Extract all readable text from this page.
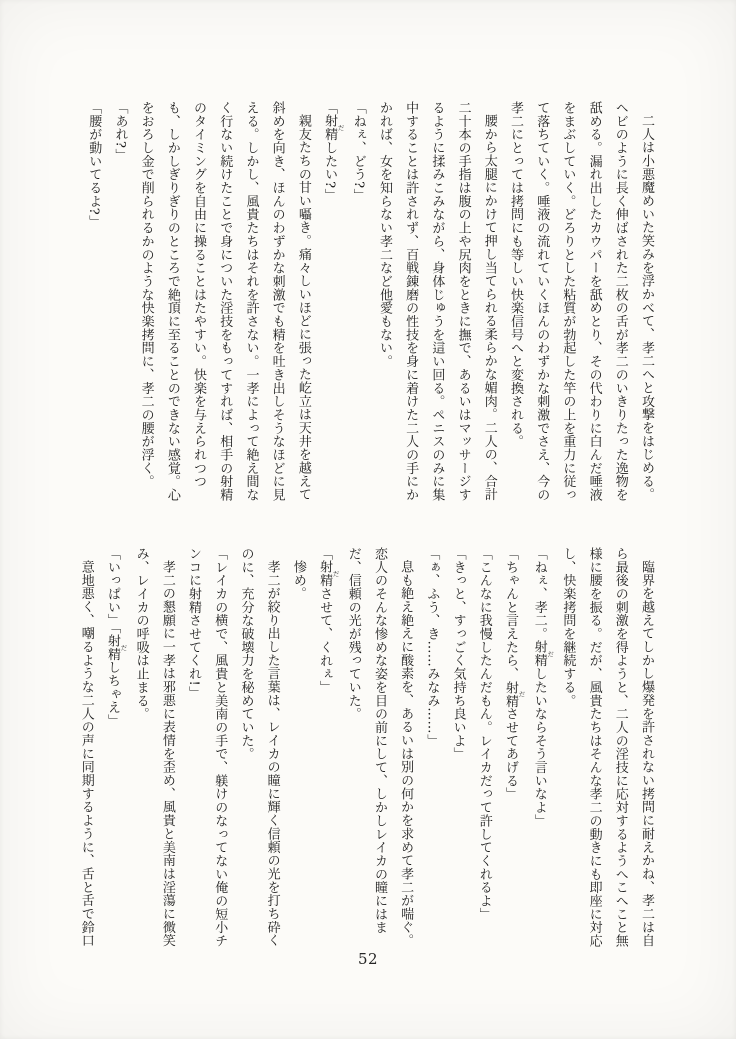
二人は小悪魔めいた笑みを浮かべて、孝二へと攻撃をはじめる。ヘビのように長く伸ばされた二枚の舌が孝二のいきりたった逸物を舐める。漏れ出したカウパーを舐めとり、その代わりに白んだ唾液をまぶしていく。どろりとした粘質が勃起した竿の上を重力に従って落ちていく。唾液の流れていくほんのわずかな刺激でさえ、今の孝二にとっては拷問にも等しい快楽信号へと変換される。

腰から太腿にかけて押し当てられる柔らかな媚肉。二人の、合計二十本の手指は腹の上や尻肉をときに撫で、あるいはマッサージするように揉みこみながら、身体じゅうを這い回る。ペニスのみに集中することは許されず、百戦錬磨の性技を身に着けた二人の手にかかれば、女を知らない孝二など他愛もない。

「ねぇ、どう?」

「射精 だしたい?」

親友たちの甘い囁き。痛々しいほどに張った屹立は天井を越えて斜めを向き、ほんのわずかな刺激でも精を吐き出しそうなほどに見える。しかし、風貴たちはそれを許さない。一孝によって絶え間なく行ない続けたことで身についた淫技をもってすれば、相手の射精のタイミングを自由に操ることはたやすい。快楽を与えられつつも、しかしぎりぎりのところで絶頂に至ることのできない感覚。心をおろし金で削られるかのような快楽拷問に、孝二の腰が浮く。

「あれ?」

「腰が動いてるよ?」

臨界を越えてしかし爆発を許されない拷問に耐えかね、孝二は自ら最後の刺激を得ようと、二人の淫技に応対するようへこへこと無様に腰を振る。だが、風貴たちはそんな孝二の動きにも即座に対応し、快楽拷問を継続する。

「ねぇ、孝二。射精 だしたいならそう言いなよ」

「ちゃんと言えたら、射精 ださせてあげる」

「こんなに我慢したんだもん。レイカだって許してくれるよ」

「きっと、すっごく気持ち良いよ」

「ぁ、ふう、き……みなみ……」

息も絶え絶えに酸素を、あるいは別の何かを求めて孝二が喘ぐ。恋人のそんな惨めな姿を目の前にして、しかしレイカの瞳にはまだ、信頼の光が残っていた。

「射精 ださせて、くれぇ」

惨め。

孝二が絞り出した言葉は、レイカの瞳に輝く信頼の光を打ち砕くのに、充分な破壊力を秘めていた。

「レイカの横で、風貴と美南の手で、躾けのなってない俺の短小チンコに射精させてくれ!」

孝二の懇願に一孝は邪悪に表情を歪め、風貴と美南は淫蕩に微笑み、レイカの呼吸は止まる。

「いっぱい」「射精 だしちゃえ」

意地悪く、嘲るような二人の声に同期するように、舌と舌で鈴口

52
